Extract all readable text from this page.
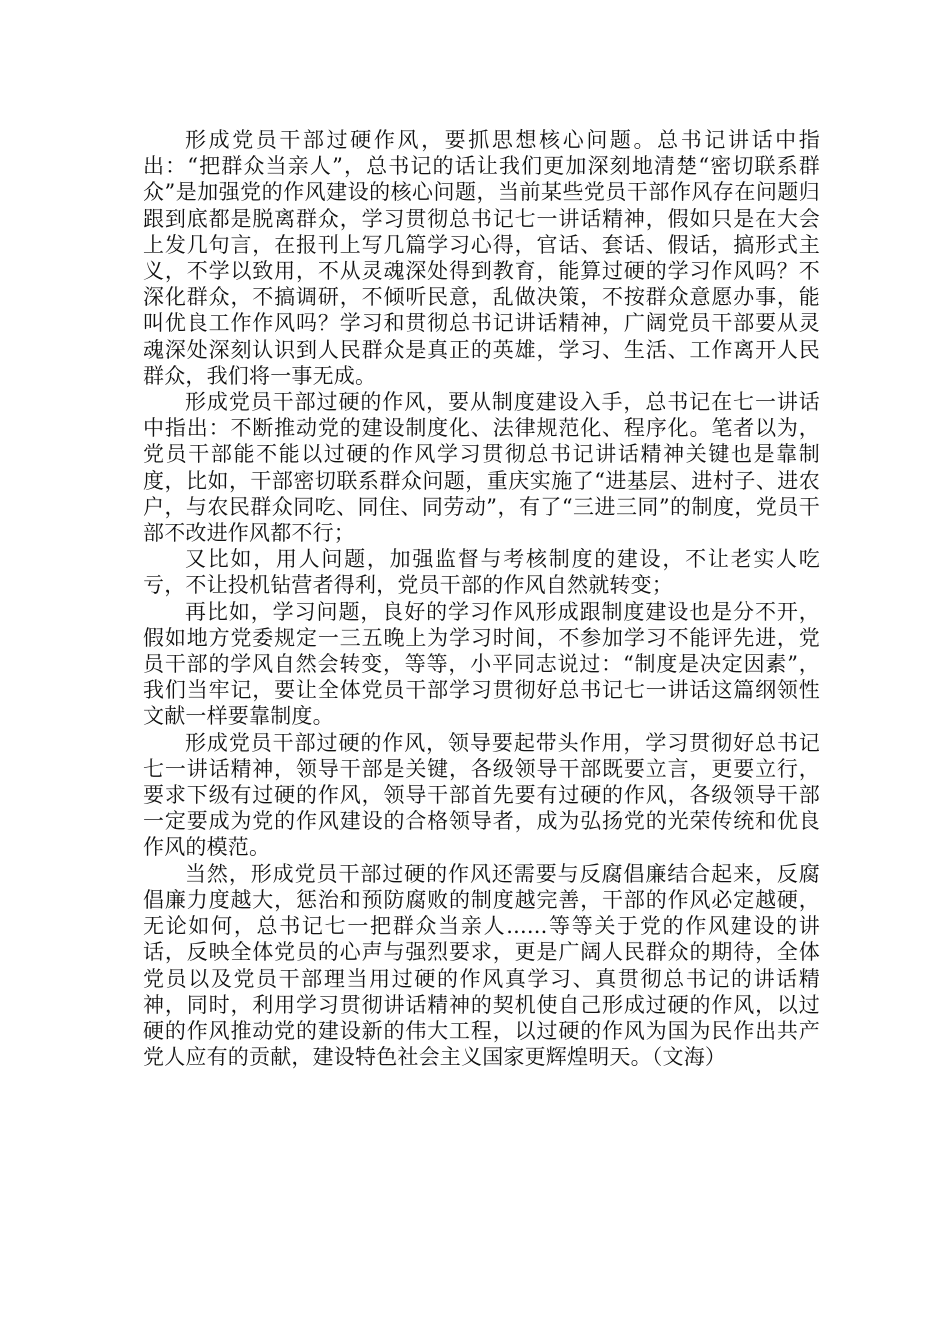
形成党员干部过硬作风，要抓思想核心问题。总书记讲话中指出：“把群众当亲人”，总书记的话让我们更加深刻地清楚“密切联系群众”是加强党的作风建设的核心问题，当前某些党员干部作风存在问题归跟到底都是脱离群众，学习贯彻总书记七一讲话精神，假如只是在大会上发几句言，在报刊上写几篇学习心得，官话、套话、假话，搞形式主义，不学以致用，不从灵魂深处得到教育，能算过硬的学习作风吗？不深化群众，不搞调研，不倾听民意，乱做决策，不按群众意愿办事，能叫优良工作作风吗？学习和贯彻总书记讲话精神，广阔党员干部要从灵魂深处深刻认识到人民群众是真正的英雄，学习、生活、工作离开人民群众，我们将一事无成。

形成党员干部过硬的作风，要从制度建设入手，总书记在七一讲话中指出：不断推动党的建设制度化、法律规范化、程序化。笔者以为，党员干部能不能以过硬的作风学习贯彻总书记讲话精神关键也是靠制度，比如，干部密切联系群众问题，重庆实施了“进基层、进村子、进农户，与农民群众同吃、同住、同劳动”，有了“三进三同”的制度，党员干部不改进作风都不行；

又比如，用人问题，加强监督与考核制度的建设，不让老实人吃亏，不让投机钻营者得利，党员干部的作风自然就转变；

再比如，学习问题，良好的学习作风形成跟制度建设也是分不开，假如地方党委规定一三五晚上为学习时间，不参加学习不能评先进，党员干部的学风自然会转变，等等，小平同志说过：“制度是决定因素”，我们当牢记，要让全体党员干部学习贯彻好总书记七一讲话这篇纲领性文献一样要靠制度。

形成党员干部过硬的作风，领导要起带头作用，学习贯彻好总书记七一讲话精神，领导干部是关键，各级领导干部既要立言，更要立行，要求下级有过硬的作风，领导干部首先要有过硬的作风，各级领导干部一定要成为党的作风建设的合格领导者，成为弘扬党的光荣传统和优良作风的模范。

当然，形成党员干部过硬的作风还需要与反腐倡廉结合起来，反腐倡廉力度越大，惩治和预防腐败的制度越完善，干部的作风必定越硬，无论如何，总书记七一把群众当亲人......等等关于党的作风建设的讲话，反映全体党员的心声与强烈要求，更是广阔人民群众的期待，全体党员以及党员干部理当用过硬的作风真学习、真贯彻总书记的讲话精神，同时，利用学习贯彻讲话精神的契机使自己形成过硬的作风，以过硬的作风推动党的建设新的伟大工程，以过硬的作风为国为民作出共产党人应有的贡献，建设特色社会主义国家更辉煌明天。（文海）
